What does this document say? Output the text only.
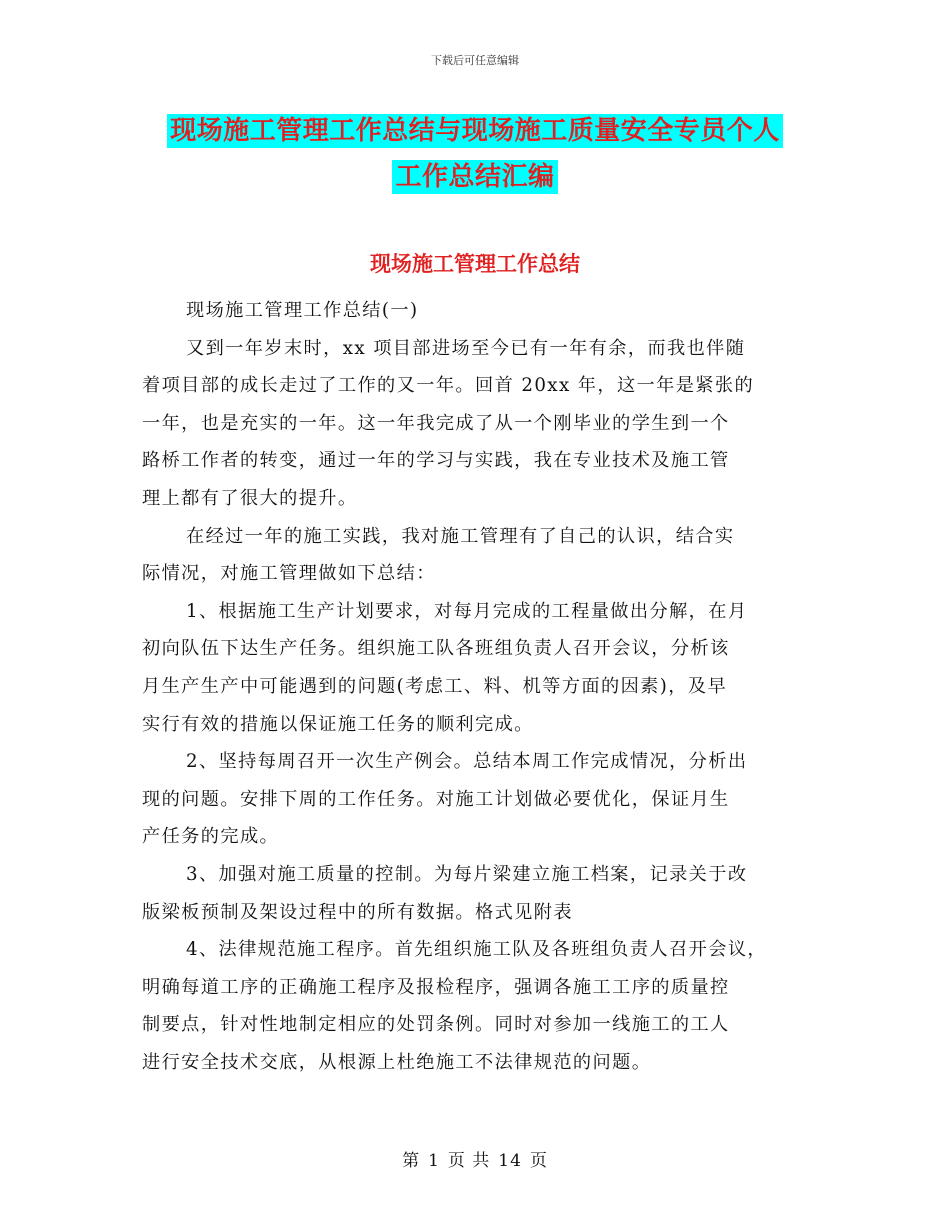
下载后可任意编辑
现场施工管理工作总结与现场施工质量安全专员个人
工作总结汇编
现场施工管理工作总结

现场施工管理工作总结(一)

又到一年岁末时，xx 项目部进场至今已有一年有余，而我也伴随
着项目部的成长走过了工作的又一年。回首 20xx 年，这一年是紧张的
一年，也是充实的一年。这一年我完成了从一个刚毕业的学生到一个
路桥工作者的转变，通过一年的学习与实践，我在专业技术及施工管
理上都有了很大的提升。

在经过一年的施工实践，我对施工管理有了自己的认识，结合实
际情况，对施工管理做如下总结：

1、根据施工生产计划要求，对每月完成的工程量做出分解，在月
初向队伍下达生产任务。组织施工队各班组负责人召开会议，分析该
月生产生产中可能遇到的问题(考虑工、料、机等方面的因素)，及早
实行有效的措施以保证施工任务的顺利完成。

2、坚持每周召开一次生产例会。总结本周工作完成情况，分析出
现的问题。安排下周的工作任务。对施工计划做必要优化，保证月生
产任务的完成。

3、加强对施工质量的控制。为每片梁建立施工档案，记录关于改
版梁板预制及架设过程中的所有数据。格式见附表

4、法律规范施工程序。首先组织施工队及各班组负责人召开会议，
明确每道工序的正确施工程序及报检程序，强调各施工工序的质量控
制要点，针对性地制定相应的处罚条例。同时对参加一线施工的工人
进行安全技术交底，从根源上杜绝施工不法律规范的问题。

第 1 页 共 14 页
